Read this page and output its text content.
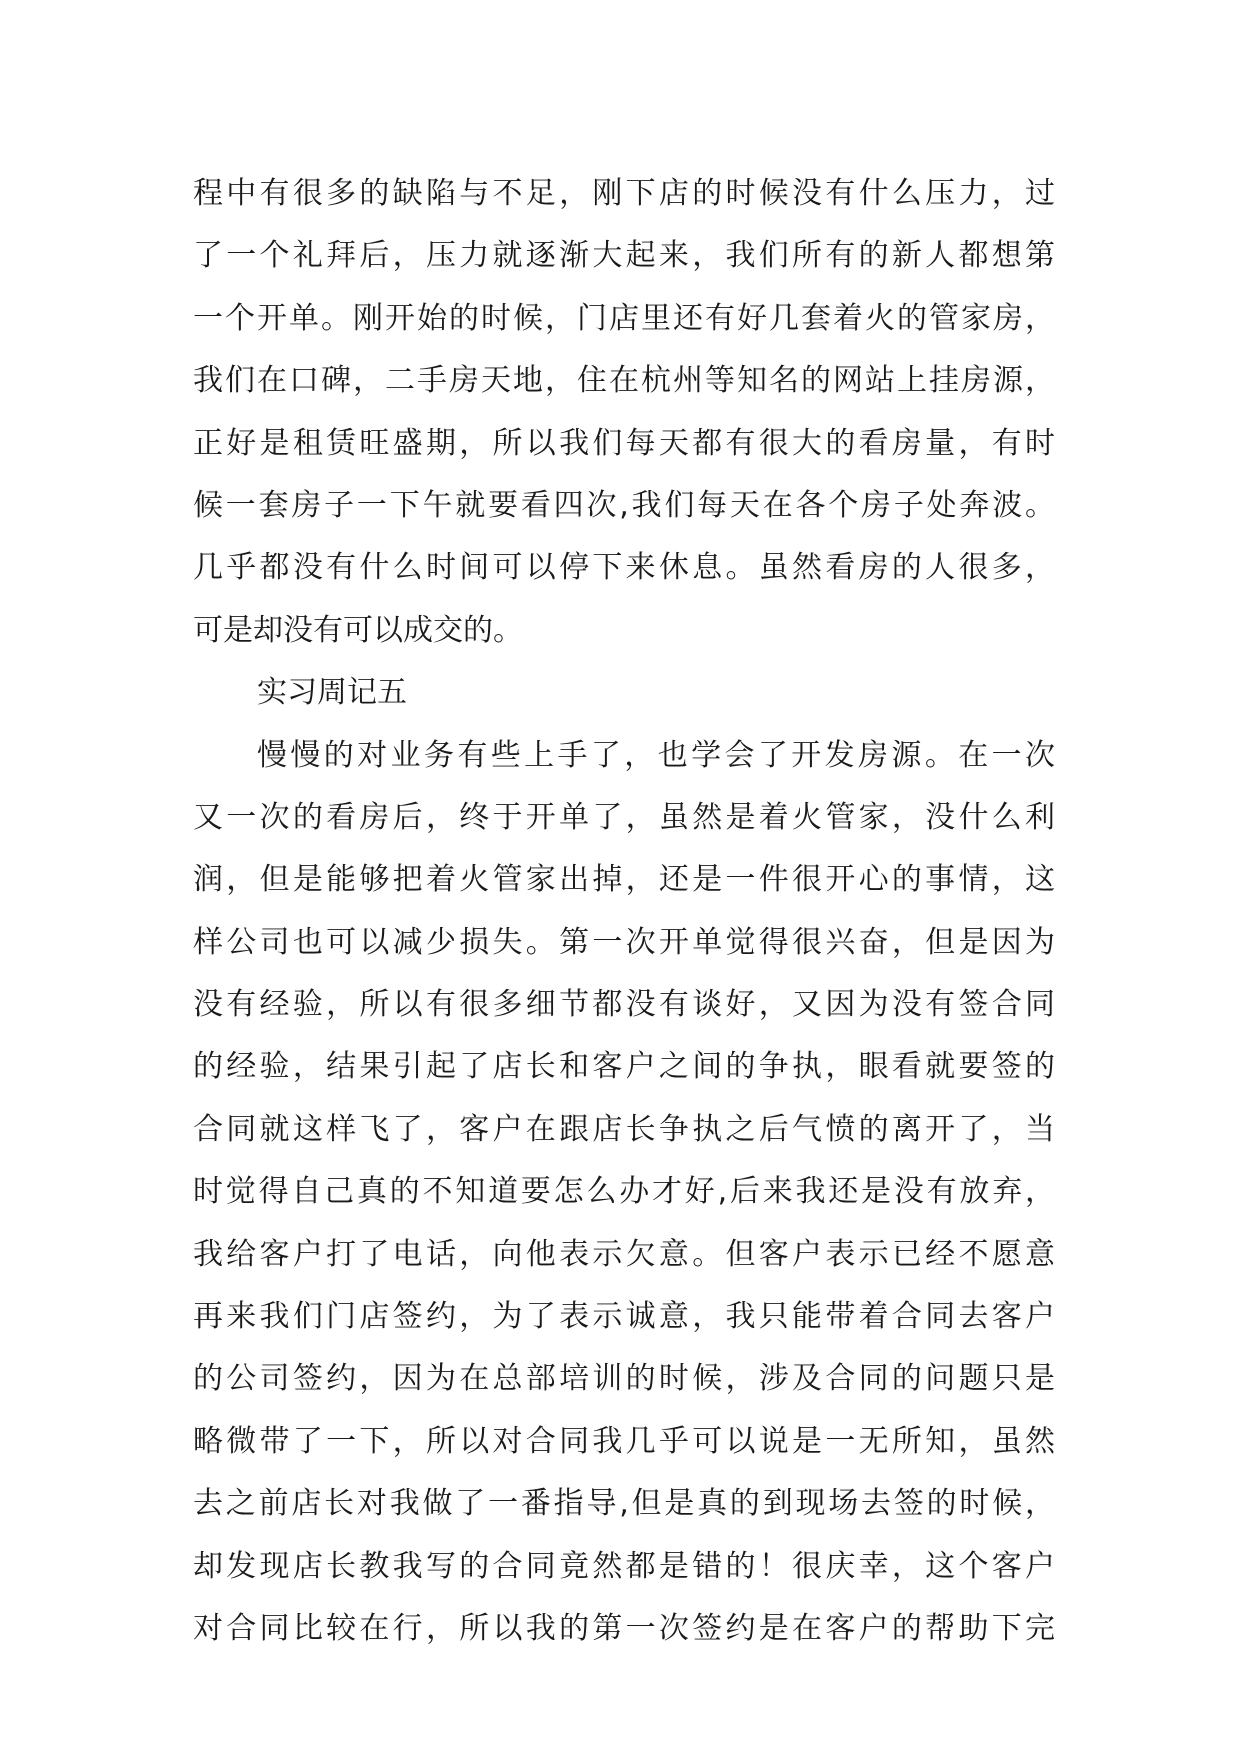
程中有很多的缺陷与不足，刚下店的时候没有什么压力，过
了一个礼拜后，压力就逐渐大起来，我们所有的新人都想第
一个开单。刚开始的时候，门店里还有好几套着火的管家房，
我们在口碑，二手房天地，住在杭州等知名的网站上挂房源，
正好是租赁旺盛期，所以我们每天都有很大的看房量，有时
候一套房子一下午就要看四次,我们每天在各个房子处奔波。
几乎都没有什么时间可以停下来休息。虽然看房的人很多，
可是却没有可以成交的。
实习周记五
慢慢的对业务有些上手了，也学会了开发房源。在一次
又一次的看房后，终于开单了，虽然是着火管家，没什么利
润，但是能够把着火管家出掉，还是一件很开心的事情，这
样公司也可以减少损失。第一次开单觉得很兴奋，但是因为
没有经验，所以有很多细节都没有谈好，又因为没有签合同
的经验，结果引起了店长和客户之间的争执，眼看就要签的
合同就这样飞了，客户在跟店长争执之后气愤的离开了，当
时觉得自己真的不知道要怎么办才好,后来我还是没有放弃，
我给客户打了电话，向他表示欠意。但客户表示已经不愿意
再来我们门店签约，为了表示诚意，我只能带着合同去客户
的公司签约，因为在总部培训的时候，涉及合同的问题只是
略微带了一下，所以对合同我几乎可以说是一无所知，虽然
去之前店长对我做了一番指导,但是真的到现场去签的时候，
却发现店长教我写的合同竟然都是错的！很庆幸，这个客户
对合同比较在行，所以我的第一次签约是在客户的帮助下完
